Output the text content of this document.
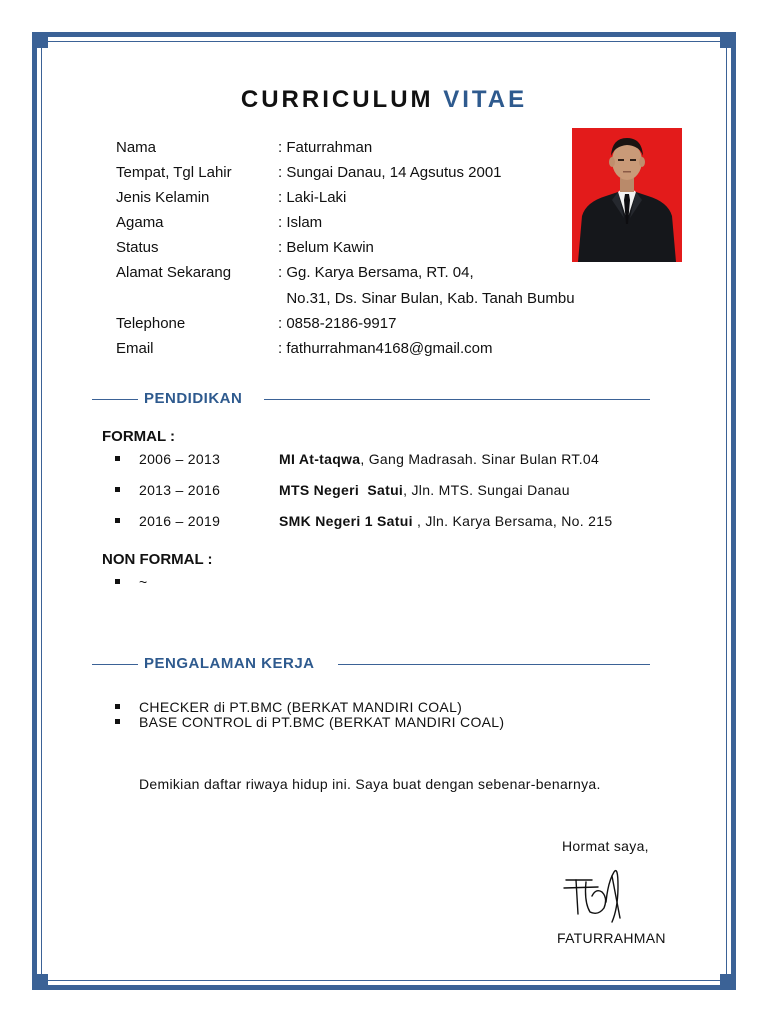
CURRICULUM VITAE
Nama	: Faturrahman
Tempat, Tgl Lahir	: Sungai Danau, 14 Agsutus 2001
Jenis Kelamin	: Laki-Laki
Agama	: Islam
Status	: Belum Kawin
Alamat Sekarang	: Gg. Karya Bersama, RT. 04,
No.31, Ds. Sinar Bulan, Kab. Tanah Bumbu
Telephone	: 0858-2186-9917
Email	: fathurrahman4168@gmail.com
PENDIDIKAN
FORMAL :
2006 – 2013	MI At-taqwa, Gang Madrasah. Sinar Bulan RT.04
2013 – 2016	MTS Negeri  Satui, Jln. MTS. Sungai Danau
2016 – 2019	SMK Negeri 1 Satui , Jln. Karya Bersama, No. 215
NON FORMAL :
~
PENGALAMAN KERJA
CHECKER di PT.BMC (BERKAT MANDIRI COAL)
BASE CONTROL di PT.BMC (BERKAT MANDIRI COAL)
Demikian daftar riwaya hidup ini. Saya buat dengan sebenar-benarnya.
Hormat saya,
FATURRAHMAN
